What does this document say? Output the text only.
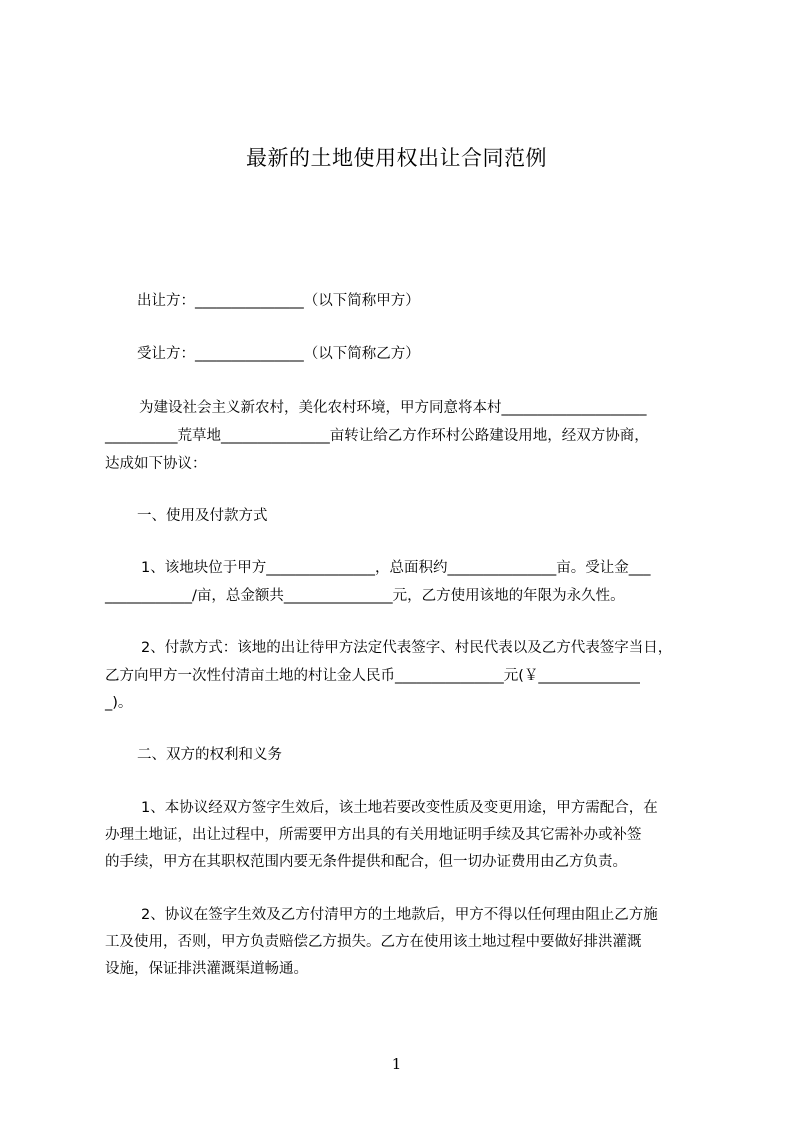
最新的土地使用权出让合同范例
出让方：_______________（以下简称甲方）
受让方：_______________（以下简称乙方）
为建设社会主义新农村，美化农村环境，甲方同意将本村____________________
__________荒草地_______________亩转让给乙方作环村公路建设用地，经双方协商，
达成如下协议：
一、使用及付款方式
1、该地块位于甲方_______________，总面积约_______________亩。受让金___
____________/亩，总金额共_______________元，乙方使用该地的年限为永久性。
2、付款方式：该地的出让待甲方法定代表签字、村民代表以及乙方代表签字当日，
乙方向甲方一次性付清亩土地的村让金人民币_______________元(￥______________
_)。
二、双方的权利和义务
1、本协议经双方签字生效后，该土地若要改变性质及变更用途，甲方需配合，在
办理土地证，出让过程中，所需要甲方出具的有关用地证明手续及其它需补办或补签
的手续，甲方在其职权范围内要无条件提供和配合，但一切办证费用由乙方负责。
2、协议在签字生效及乙方付清甲方的土地款后，甲方不得以任何理由阻止乙方施
工及使用，否则，甲方负责赔偿乙方损失。乙方在使用该土地过程中要做好排洪灌溉
设施，保证排洪灌溉渠道畅通。
1
